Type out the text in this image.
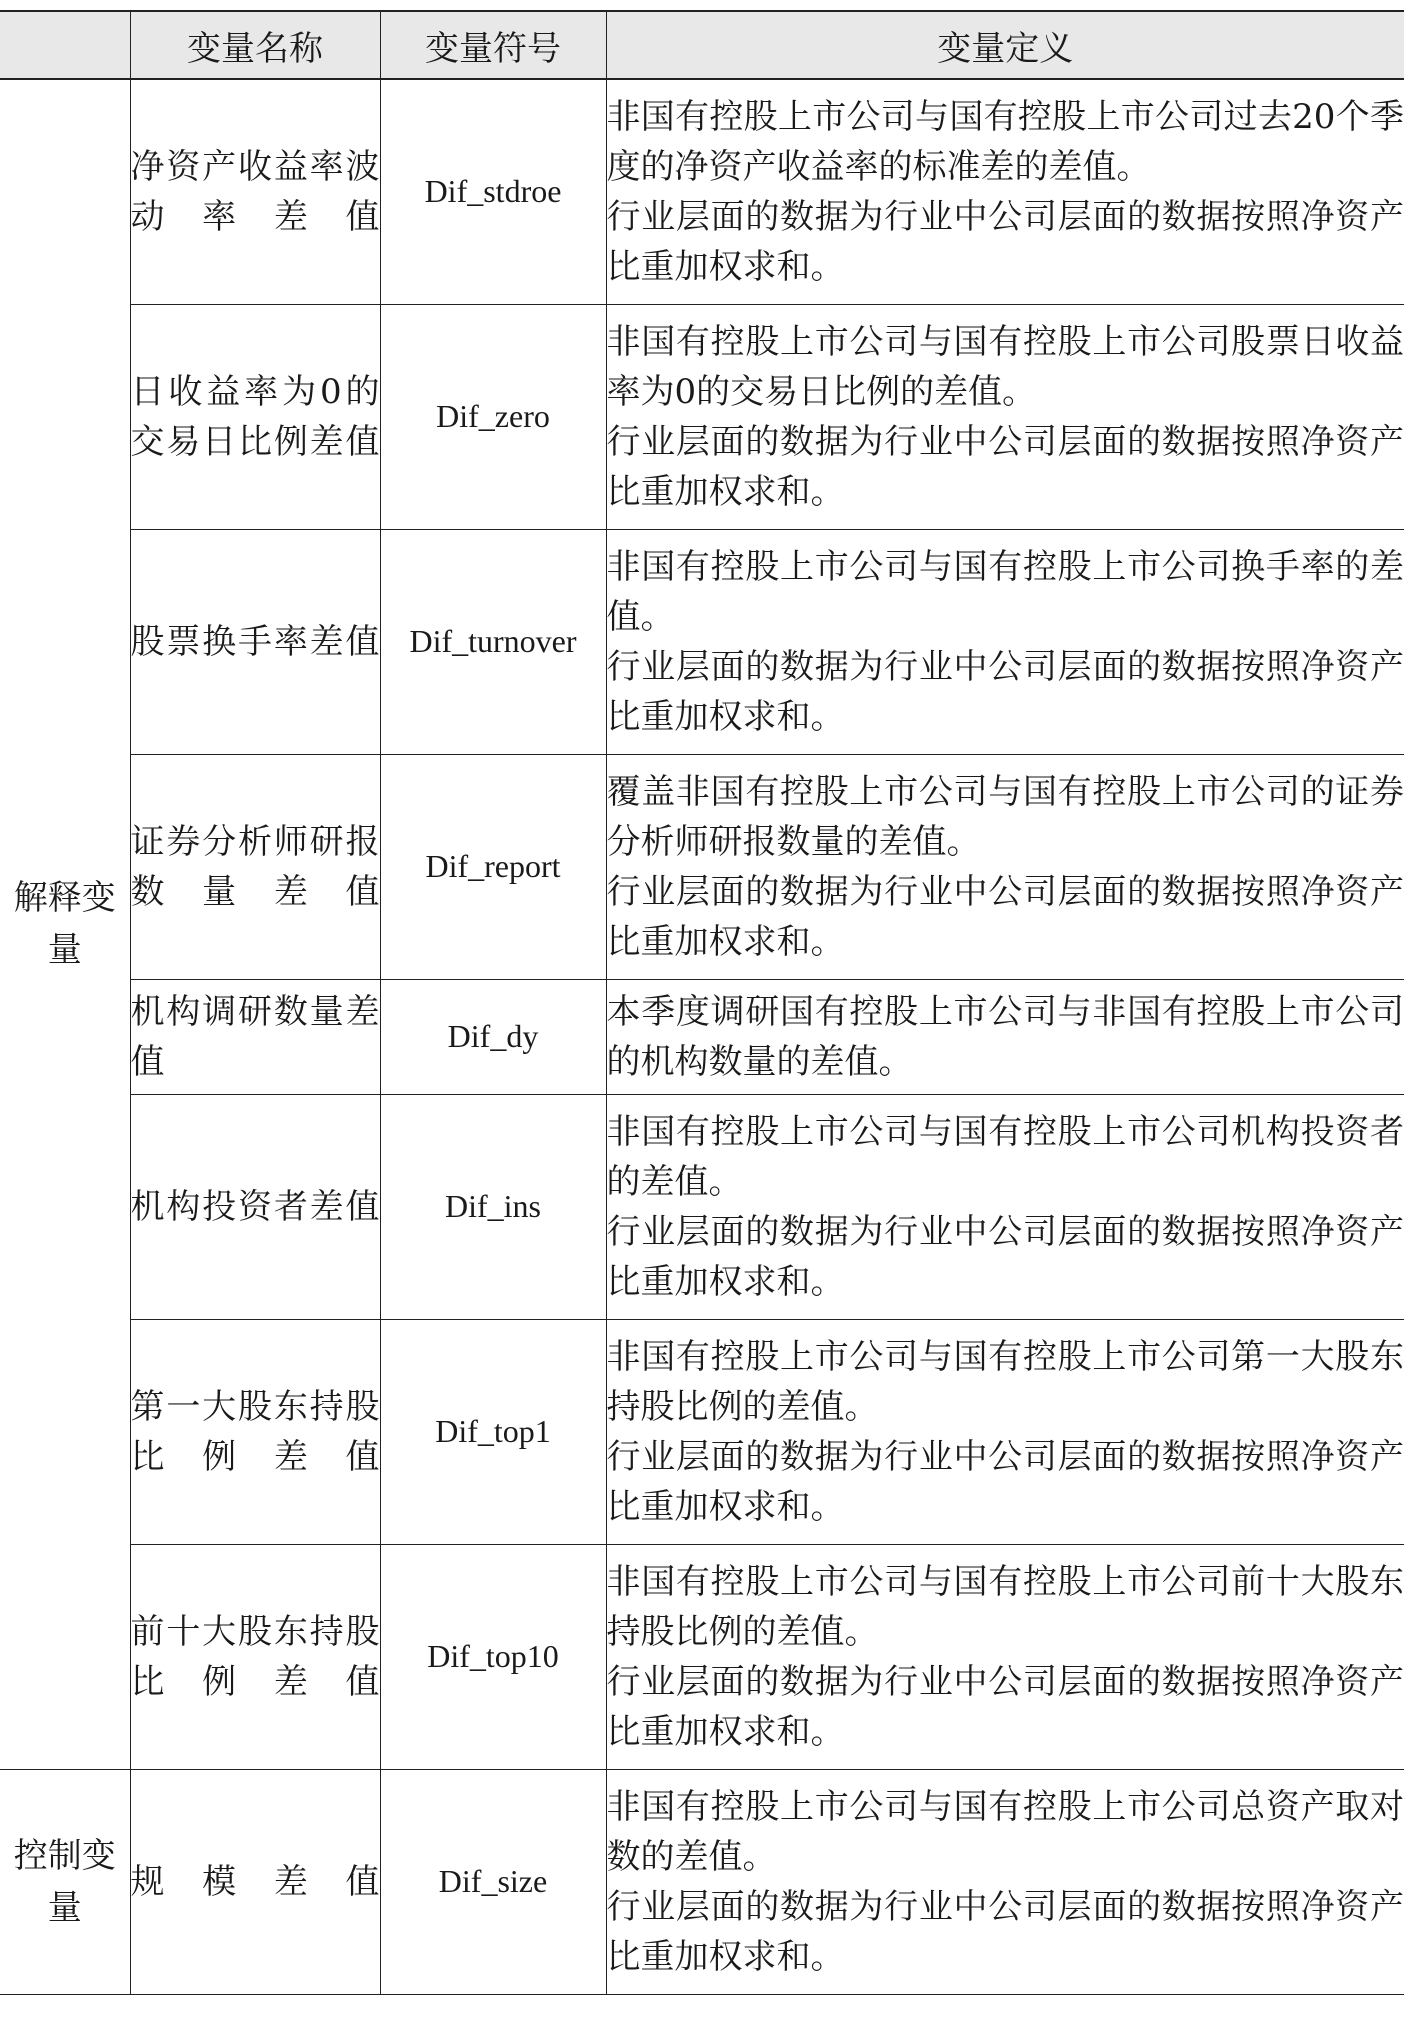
	变量名称	变量符号	变量定义
解释变量	净资产收益率波动率差值	Dif_stdroe	非国有控股上市公司与国有控股上市公司过去20个季度的净资产收益率的标准差的差值。
行业层面的数据为行业中公司层面的数据按照净资产比重加权求和。

	日收益率为0的交易日比例差值	Dif_zero	非国有控股上市公司与国有控股上市公司股票日收益率为0的交易日比例的差值。
行业层面的数据为行业中公司层面的数据按照净资产比重加权求和。

	股票换手率差值	Dif_turnover	非国有控股上市公司与国有控股上市公司换手率的差值。
行业层面的数据为行业中公司层面的数据按照净资产比重加权求和。

	证券分析师研报数量差值	Dif_report	覆盖非国有控股上市公司与国有控股上市公司的证券分析师研报数量的差值。
行业层面的数据为行业中公司层面的数据按照净资产比重加权求和。

	机构调研数量差值	Dif_dy	本季度调研国有控股上市公司与非国有控股上市公司的机构数量的差值。

	机构投资者差值	Dif_ins	非国有控股上市公司与国有控股上市公司机构投资者的差值。
行业层面的数据为行业中公司层面的数据按照净资产比重加权求和。

	第一大股东持股比例差值	Dif_top1	非国有控股上市公司与国有控股上市公司第一大股东持股比例的差值。
行业层面的数据为行业中公司层面的数据按照净资产比重加权求和。

	前十大股东持股比例差值	Dif_top10	非国有控股上市公司与国有控股上市公司前十大股东持股比例的差值。
行业层面的数据为行业中公司层面的数据按照净资产比重加权求和。

控制变量	规模差值	Dif_size	非国有控股上市公司与国有控股上市公司总资产取对数的差值。
行业层面的数据为行业中公司层面的数据按照净资产比重加权求和。
